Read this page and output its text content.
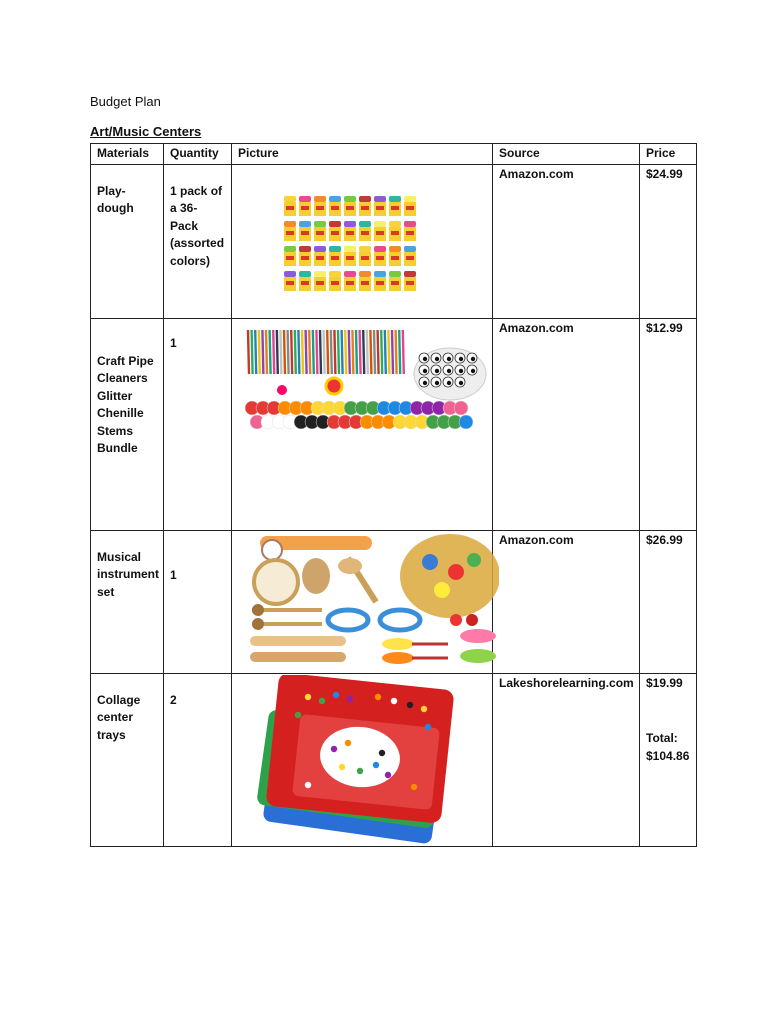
Budget Plan
Art/Music Centers
Materials	Quantity	Picture	Source	Price
Play-dough	1 pack of a 36-Pack (assorted colors)		Amazon.com	$24.99
Craft Pipe Cleaners Glitter Chenille Stems Bundle	1		Amazon.com	$12.99
Musical instrument set	1		Amazon.com	$26.99
Collage center trays	2		Lakeshorelearning.com	$19.99
Total: $104.86
